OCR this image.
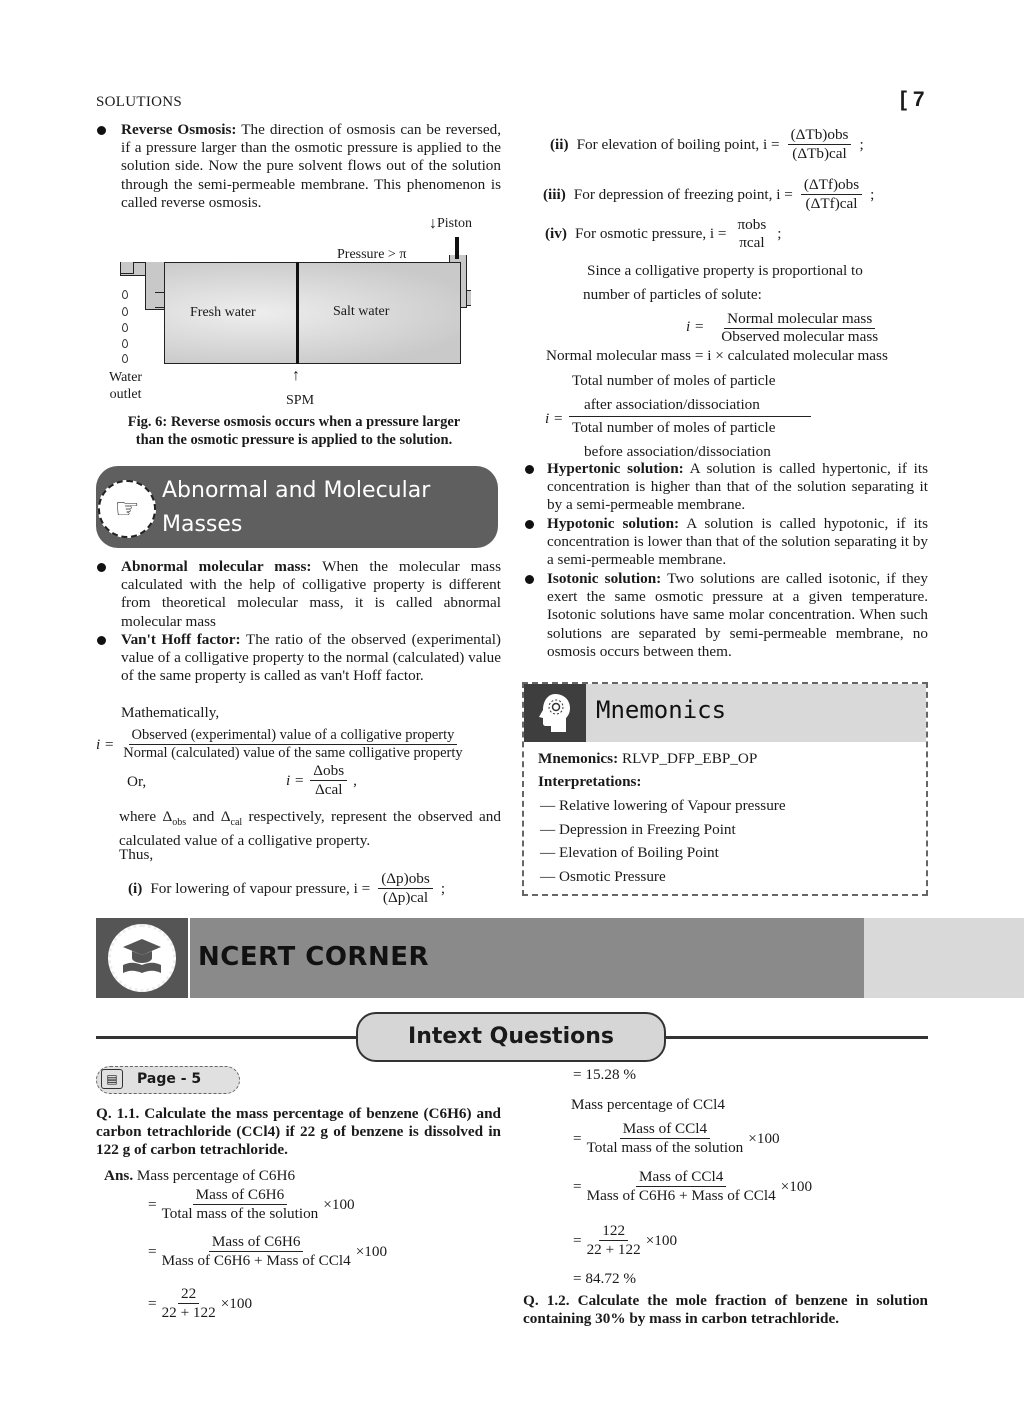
SOLUTIONS	[ 7
Reverse Osmosis: The direction of osmosis can be reversed, if a pressure larger than the osmotic pressure is applied to the solution side. Now the pure solvent flows out of the solution through the semi-permeable membrane. This phenomenon is called reverse osmosis.
↓ Piston
Pressure > π
Fresh water	Salt water
Water
outlet
↑
SPM
Fig. 6: Reverse osmosis occurs when a pressure larger
than the osmotic pressure is applied to the solution.
☞
Abnormal and Molecular
Masses
Abnormal molecular mass: When the molecular mass calculated with the help of colligative property is different from theoretical molecular mass, it is called abnormal molecular mass
Van't Hoff factor: The ratio of the observed (experimental) value of a colligative property to the normal (calculated) value of the same property is called as van't Hoff factor.
Mathematically,
$i = \frac{\text{Observed (experimental) value of a colligative property}}{\text{Normal (calculated) value of the same colligative property}}$
Or,	$i = \frac{\text{Δobs}}{\text{Δcal}}$ ,
where $\Delta_{obs}$ and $\Delta_{cal}$ respectively, represent the observed and calculated value of a colligative property.
Thus,
(i) For lowering of vapour pressure, $i = \frac{\text{(Δp)obs}}{\text{(Δp)cal}}$ ;
(ii) For elevation of boiling point, $i = \frac{\text{(ΔTb)obs}}{\text{(ΔTb)cal}}$ ;
(iii) For depression of freezing point, $i = \frac{\text{(ΔTf)obs}}{\text{(ΔTf)cal}}$ ;
(iv) For osmotic pressure, i =
πobs
πcal
;
Since a colligative property is proportional to
number of particles of solute:
$i = \frac{\text{Normal molecular mass}}{\text{Observed molecular mass}}$
Normal molecular mass = i × calculated molecular mass
Total number of moles of particle
after association/dissociation
i =
Total number of moles of particle
before association/dissociation
Hypertonic solution: A solution is called hypertonic, if its concentration is higher than that of the solution separating it by a semi-permeable membrane.
Hypotonic solution: A solution is called hypotonic, if its concentration is lower than that of the solution separating it by a semi-permeable membrane.
Isotonic solution: Two solutions are called isotonic, if they exert the same osmotic pressure at a given temperature. Isotonic solutions have same molar concentration. When such solutions are separated by semi-permeable membrane, no osmosis occurs between them.
Mnemonics
Mnemonics: RLVP_DFP_EBP_OP
Interpretations:
— Relative lowering of Vapour pressure
— Depression in Freezing Point
— Elevation of Boiling Point
— Osmotic Pressure
NCERT CORNER
Intext Questions
▤	Page - 5
Q. 1.1. Calculate the mass percentage of benzene (C6H6) and carbon tetrachloride (CCl4) if 22 g of benzene is dissolved in 122 g of carbon tetrachloride.
Ans. Mass percentage of C6H6
= $\frac{\text{Mass of C6H6}}{\text{Total mass of the solution}} \times 100$
= $\frac{\text{Mass of C6H6}}{\text{Mass of C6H6 + Mass of CCl4}} \times 100$
= $\frac{22}{22 + 122} \times 100$
= 15.28 %
Mass percentage of CCl4
= $\frac{\text{Mass of CCl4}}{\text{Total mass of the solution}} \times 100$
= $\frac{\text{Mass of CCl4}}{\text{Mass of C6H6 + Mass of CCl4}} \times 100$
= $\frac{122}{22 + 122} \times 100$
= 84.72 %
Q. 1.2. Calculate the mole fraction of benzene in solution containing 30% by mass in carbon tetrachloride.
